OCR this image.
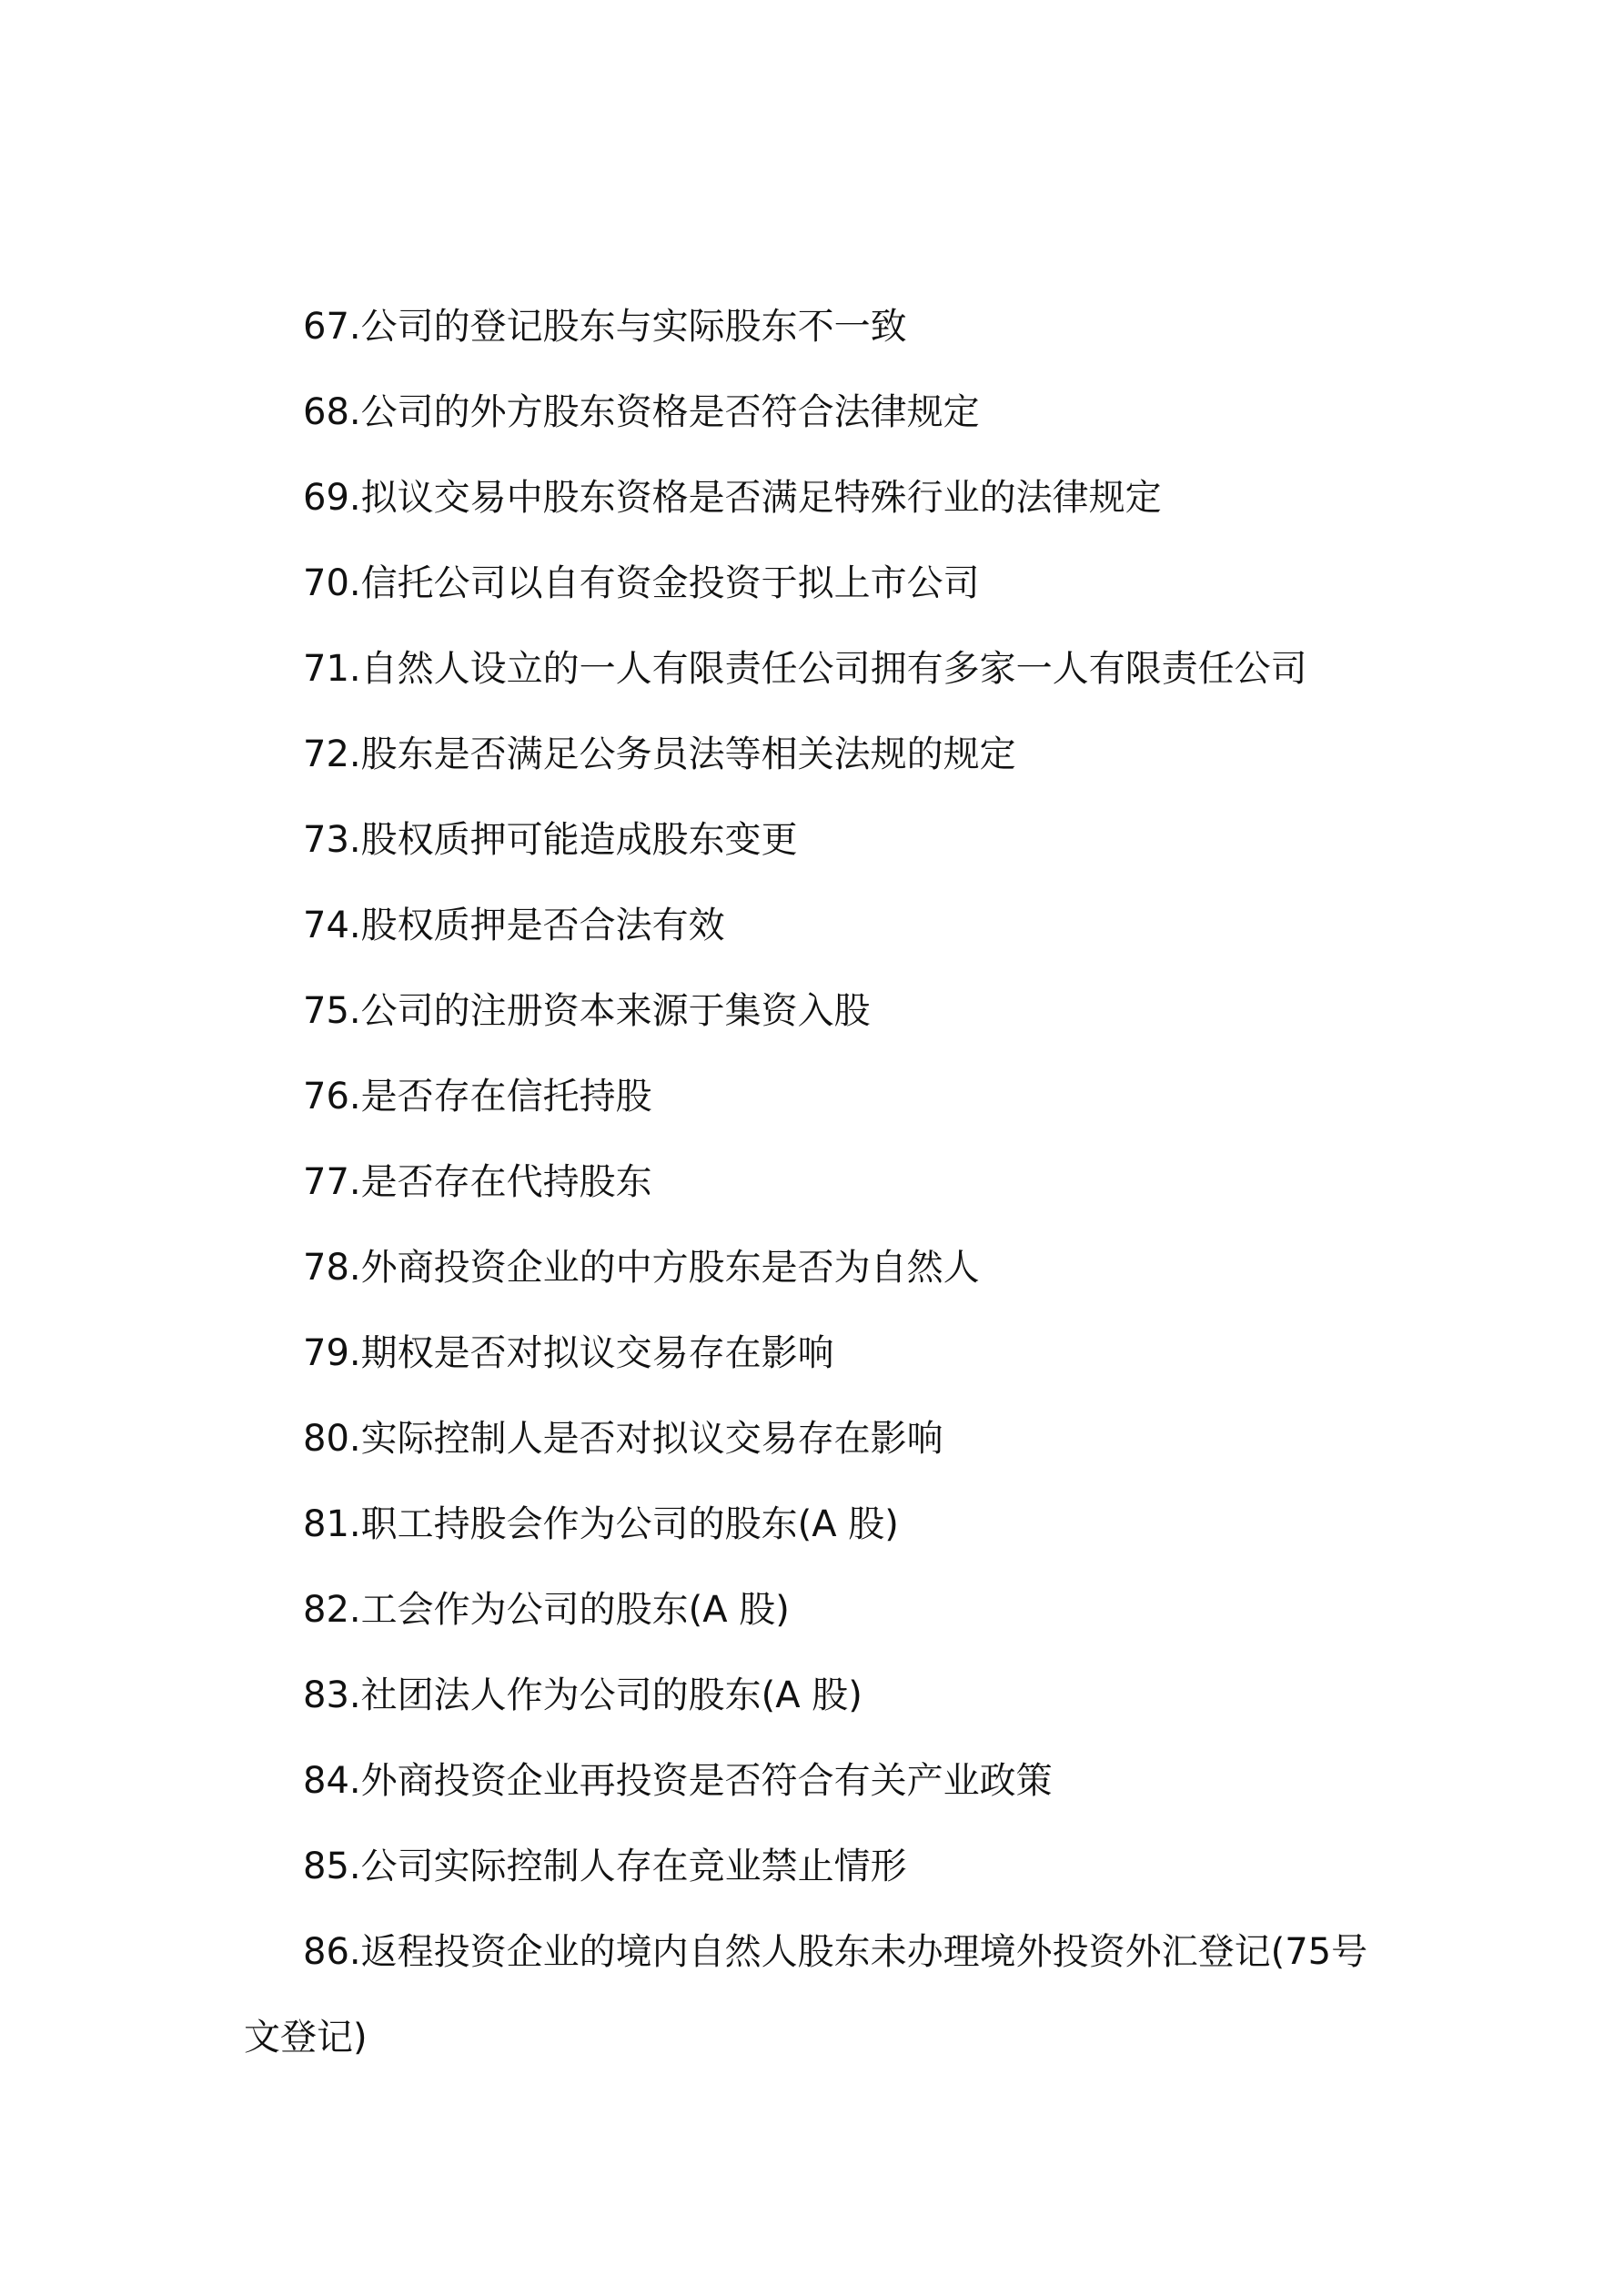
67.公司的登记股东与实际股东不一致
68.公司的外方股东资格是否符合法律规定
69.拟议交易中股东资格是否满足特殊行业的法律规定
70.信托公司以自有资金投资于拟上市公司
71.自然人设立的一人有限责任公司拥有多家一人有限责任公司
72.股东是否满足公务员法等相关法规的规定
73.股权质押可能造成股东变更
74.股权质押是否合法有效
75.公司的注册资本来源于集资入股
76.是否存在信托持股
77.是否存在代持股东
78.外商投资企业的中方股东是否为自然人
79.期权是否对拟议交易存在影响
80.实际控制人是否对拟议交易存在影响
81.职工持股会作为公司的股东(A 股)
82.工会作为公司的股东(A 股)
83.社团法人作为公司的股东(A 股)
84.外商投资企业再投资是否符合有关产业政策
85.公司实际控制人存在竞业禁止情形
86.返程投资企业的境内自然人股东未办理境外投资外汇登记(75号文登记)
